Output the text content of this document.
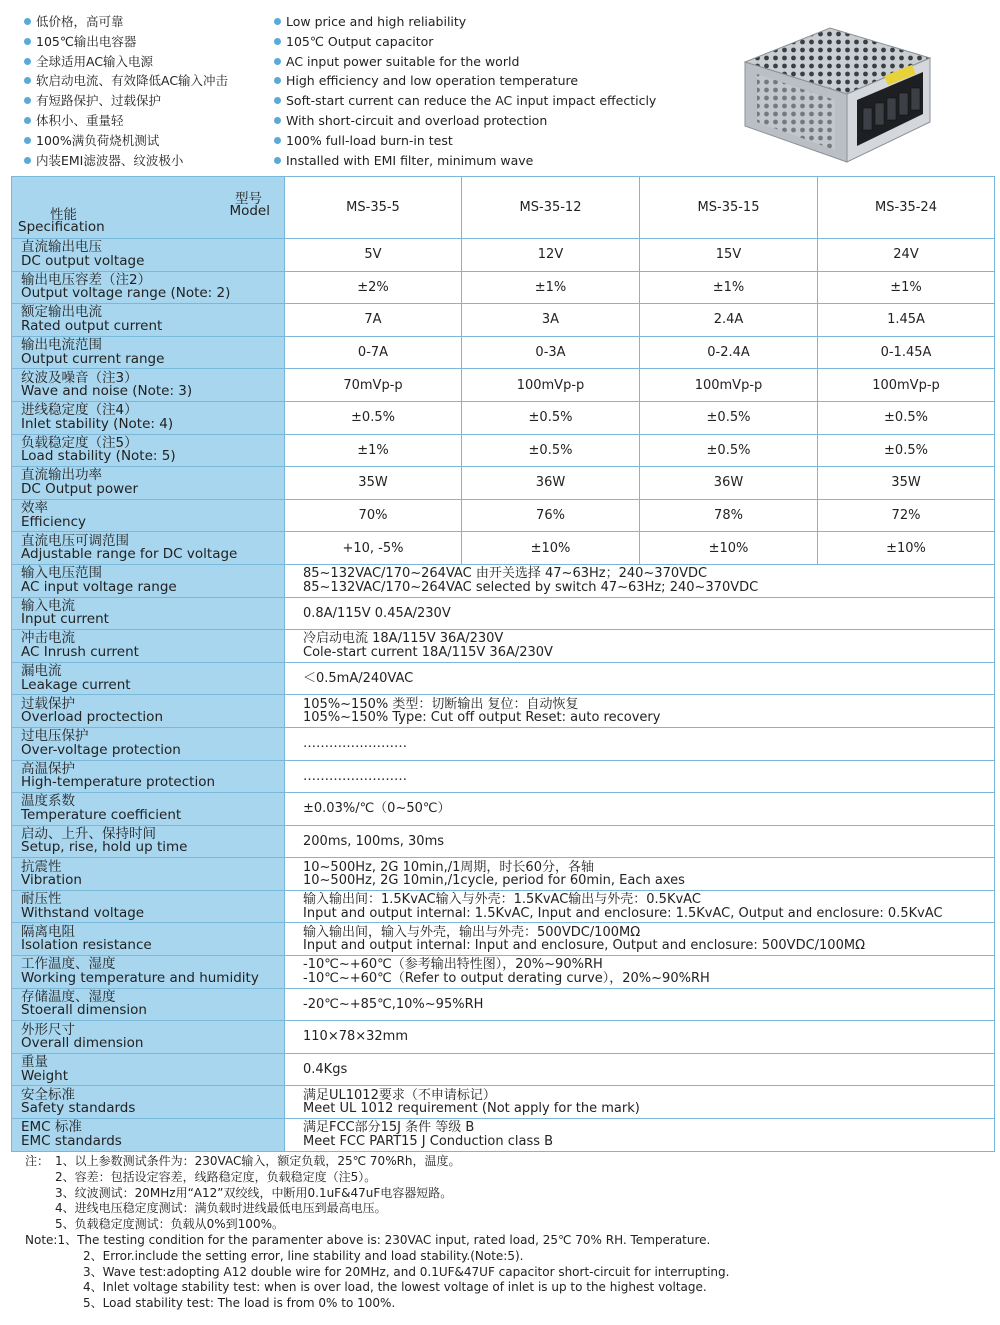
低价格，高可靠
105℃输出电容器
全球适用AC输入电源
软启动电流、有效降低AC输入冲击
有短路保护、过载保护
体积小、重量轻
100%满负荷烧机测试
内装EMI滤波器、纹波极小
Low price and high reliability
105℃ Output capacitor
AC input power suitable for the world
High efficiency and low operation temperature
Soft-start current can reduce the AC input impact effecticly
With short-circuit and overload protection
100% full-load burn-in test
Installed with EMI filter, minimum wave
型号
Model
性能
Specification	MS-35-5	MS-35-12	MS-35-15	MS-35-24

直流输出电压
DC output voltage	5V	12V	15V	24V

输出电压容差（注2）
Output voltage range (Note: 2)	±2%	±1%	±1%	±1%

额定输出电流
Rated output current	7A	3A	2.4A	1.45A

输出电流范围
Output current range	0-7A	0-3A	0-2.4A	0-1.45A

纹波及噪音（注3）
Wave and noise (Note: 3)	70mVp-p	100mVp-p	100mVp-p	100mVp-p

进线稳定度（注4）
Inlet stability (Note: 4)	±0.5%	±0.5%	±0.5%	±0.5%

负载稳定度（注5）
Load stability (Note: 5)	±1%	±0.5%	±0.5%	±0.5%

直流输出功率
DC Output power	35W	36W	36W	35W

效率
Efficiency	70%	76%	78%	72%

直流电压可调范围
Adjustable range for DC voltage	+10, -5%	±10%	±10%	±10%

输入电压范围
AC input voltage range	85~132VAC/170~264VAC 由开关选择 47~63Hz；240~370VDC
85~132VAC/170~264VAC selected by switch 47~63Hz; 240~370VDC			

输入电流
Input current	0.8A/115V 0.45A/230V			

冲击电流
AC Inrush current	冷启动电流 18A/115V 36A/230V
Cole-start current 18A/115V 36A/230V			

漏电流
Leakage current	＜0.5mA/240VAC			

过载保护
Overload proctection	105%~150% 类型：切断输出 复位：自动恢复
105%~150% Type: Cut off output Reset: auto recovery			

过电压保护
Over-voltage protection	……………………			

高温保护
High-temperature protection	……………………			

温度系数
Temperature coefficient	±0.03%/℃（0~50℃）			

启动、上升、保持时间
Setup, rise, hold up time	200ms, 100ms, 30ms			

抗震性
Vibration	10~500Hz, 2G 10min,/1周期，时长60分，各轴
10~500Hz, 2G 10min,/1cycle, period for 60min, Each axes			

耐压性
Withstand voltage	输入输出间：1.5KvAC输入与外壳：1.5KvAC输出与外壳：0.5KvAC
Input and output internal: 1.5KvAC, Input and enclosure: 1.5KvAC, Output and enclosure: 0.5KvAC			

隔离电阻
Isolation resistance	输入输出间，输入与外壳，输出与外壳：500VDC/100MΩ
Input and output internal: Input and enclosure, Output and enclosure: 500VDC/100MΩ			

工作温度、湿度
Working temperature and humidity	-10℃~+60℃（参考输出特性图），20%~90%RH
-10℃~+60℃（Refer to output derating curve），20%~90%RH			

存储温度、湿度
Stoerall dimension	-20℃~+85℃,10%~95%RH			

外形尺寸
Overall dimension	110×78×32mm			

重量
Weight	0.4Kgs			

安全标准
Safety standards	满足UL1012要求（不申请标记）
Meet UL 1012 requirement (Not apply for the mark)			

EMC 标准
EMC standards	满足FCC部分15J 条件 等级 B
Meet FCC PART15 J Conduction class B			
注： 1、以上参数测试条件为：230VAC输入，额定负载，25℃ 70%Rh，温度。
2、容差：包括设定容差，线路稳定度，负载稳定度（注5）。
3、纹波测试：20MHz用“A12”双绞线，中断用0.1uF&47uF电容器短路。
4、进线电压稳定度测试：满负载时进线最低电压到最高电压。
5、负载稳定度测试：负载从0%到100%。
Note:1、The testing condition for the paramenter above is: 230VAC input, rated load, 25℃ 70% RH. Temperature.
2、Error.include the setting error, line stability and load stability.(Note:5).
3、Wave test:adopting A12 double wire for 20MHz, and 0.1UF&47UF capacitor short-circuit for interrupting.
4、Inlet voltage stability test: when is over load, the lowest voltage of inlet is up to the highest voltage.
5、Load stability test: The load is from 0% to 100%.
